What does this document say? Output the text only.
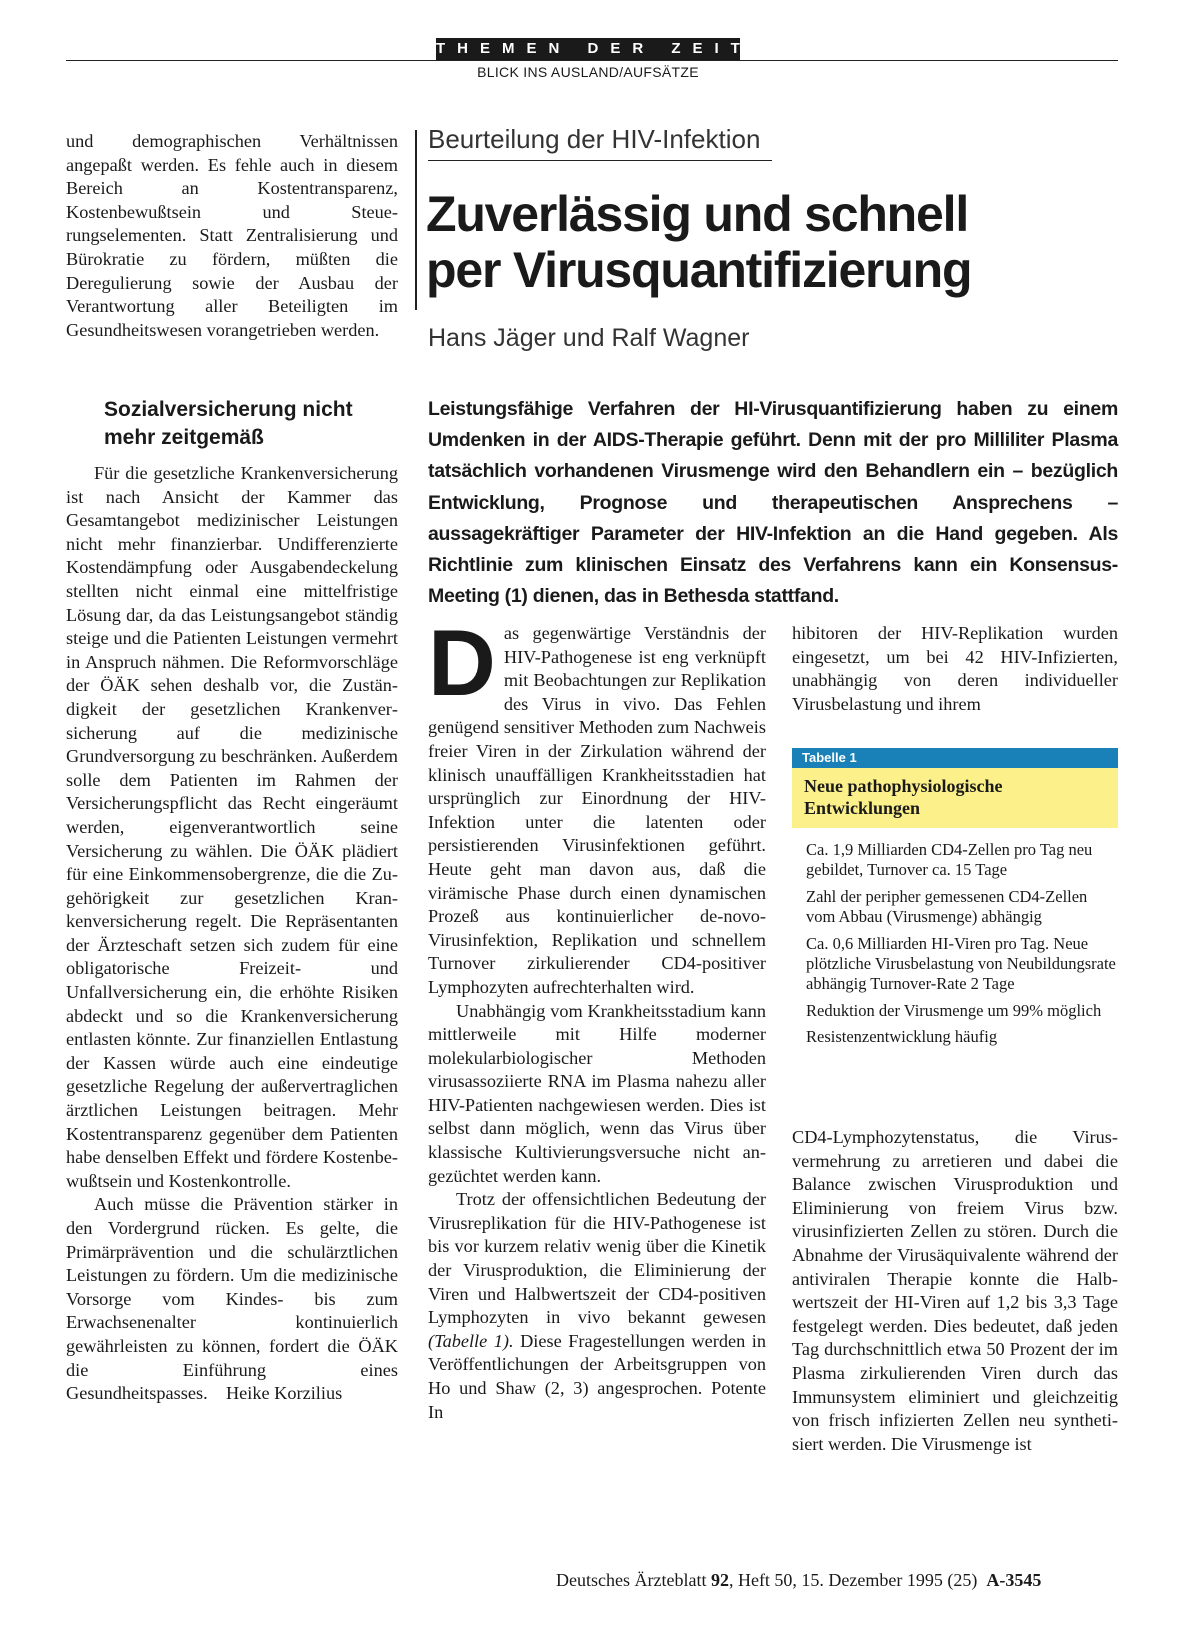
THEMEN DER ZEIT
BLICK INS AUSLAND/AUFSÄTZE

und demographischen Verhältnissen angepaßt werden. Es fehle auch in diesem Bereich an Kostentransparenz, Kostenbewußtsein und Steuerungselementen. Statt Zentralisierung und Bürokratie zu fördern, müßten die Deregulierung sowie der Ausbau der Verantwortung aller Beteiligten im Gesundheitswesen vorangetrieben werden.

Sozialversicherung nicht mehr zeitgemäß

Für die gesetzliche Krankenversicherung ist nach Ansicht der Kammer das Gesamtangebot medizinischer Leistungen nicht mehr finanzierbar. Undifferenzierte Kostendämpfung oder Ausgabendeckelung stellten nicht einmal eine mittelfristige Lösung dar, da das Leistungsangebot ständig steige und die Patienten Leistungen vermehrt in Anspruch nähmen. Die Reformvorschläge der ÖÄK sehen deshalb vor, die Zuständigkeit der gesetzlichen Krankenversicherung auf die medizinische Grundversorgung zu beschränken. Außerdem solle dem Patienten im Rahmen der Versicherungspflicht das Recht eingeräumt werden, eigenverantwortlich seine Versicherung zu wählen. Die ÖÄK plädiert für eine Einkommensobergrenze, die die Zugehörigkeit zur gesetzlichen Krankenversicherung regelt. Die Repräsentanten der Ärzteschaft setzen sich zudem für eine obligatorische Freizeit- und Unfallversicherung ein, die erhöhte Risiken abdeckt und so die Krankenversicherung entlasten könnte. Zur finanziellen Entlastung der Kassen würde auch eine eindeutige gesetzliche Regelung der außervertraglichen ärztlichen Leistungen beitragen. Mehr Kostentransparenz gegenüber dem Patienten habe denselben Effekt und fördere Kostenbewußtsein und Kostenkontrolle.

Auch müsse die Prävention stärker in den Vordergrund rücken. Es gelte, die Primärprävention und die schulärztlichen Leistungen zu fördern. Um die medizinische Vorsorge vom Kindes- bis zum Erwachsenenalter kontinuierlich gewährleisten zu können, fordert die ÖÄK die Einführung eines Gesundheitspasses. Heike Korzilius

Beurteilung der HIV-Infektion
Zuverlässig und schnell
per Virusquantifizierung
Hans Jäger und Ralf Wagner
Leistungsfähige Verfahren der HI-Virusquantifizierung haben zu einem Umdenken in der AIDS-Therapie geführt. Denn mit der pro Milliliter Plasma tatsächlich vorhandenen Virusmenge wird den Behandlern ein – bezüglich Entwicklung, Prognose und therapeutischen Ansprechens – aussagekräftiger Parameter der HIV-Infektion an die Hand gegeben. Als Richtlinie zum klinischen Einsatz des Verfahrens kann ein Konsensus-Meeting (1) dienen, das in Bethesda stattfand.

Das gegenwärtige Verständnis der HIV-Pathogenese ist eng verknüpft mit Beobachtungen zur Replikation des Virus in vivo. Das Fehlen genügend sensitiver Methoden zum Nachweis freier Viren in der Zirkulation während der klinisch unauffälligen Krankheitsstadien hat ursprünglich zur Einordnung der HIV-Infektion unter die latenten oder persistierenden Virusinfektionen geführt. Heute geht man davon aus, daß die virämische Phase durch einen dynamischen Prozeß aus kontinuierlicher de-novo-Virusinfektion, Replikation und schnellem Turnover zirkulierender CD4-positiver Lymphozyten aufrechterhalten wird.

Unabhängig vom Krankheitsstadium kann mittlerweile mit Hilfe moderner molekularbiologischer Methoden virusassoziierte RNA im Plasma nahezu aller HIV-Patienten nachgewiesen werden. Dies ist selbst dann möglich, wenn das Virus über klassische Kultivierungsversuche nicht angezüchtet werden kann.

Trotz der offensichtlichen Bedeutung der Virusreplikation für die HIV-Pathogenese ist bis vor kurzem relativ wenig über die Kinetik der Virusproduktion, die Eliminierung der Viren und Halbwertszeit der CD4-positiven Lymphozyten in vivo bekannt gewesen (Tabelle 1). Diese Fragestellungen werden in Veröffentlichungen der Arbeitsgruppen von Ho und Shaw (2, 3) angesprochen. Potente In

hibitoren der HIV-Replikation wurden eingesetzt, um bei 42 HIV-Infizierten, unabhängig von deren individueller Virusbelastung und ihrem

Tabelle 1
Neue pathophysiologische Entwicklungen
Ca. 1,9 Milliarden CD4-Zellen pro Tag neu gebildet, Turnover ca. 15 Tage
Zahl der peripher gemessenen CD4-Zellen vom Abbau (Virusmenge) abhängig
Ca. 0,6 Milliarden HI-Viren pro Tag. Neue plötzliche Virusbelastung von Neubildungsrate abhängig Turnover-Rate 2 Tage
Reduktion der Virusmenge um 99% möglich
Resistenzentwicklung häufig

CD4-Lymphozytenstatus, die Virusvermehrung zu arretieren und dabei die Balance zwischen Virusproduktion und Eliminierung von freiem Virus bzw. virusinfizierten Zellen zu stören. Durch die Abnahme der Virusäquivalente während der antiviralen Therapie konnte die Halbwertszeit der HI-Viren auf 1,2 bis 3,3 Tage festgelegt werden. Dies bedeutet, daß jeden Tag durchschnittlich etwa 50 Prozent der im Plasma zirkulierenden Viren durch das Immunsystem eliminiert und gleichzeitig von frisch infizierten Zellen neu synthetisiert werden. Die Virusmenge ist

Deutsches Ärzteblatt 92, Heft 50, 15. Dezember 1995 (25) A-3545
